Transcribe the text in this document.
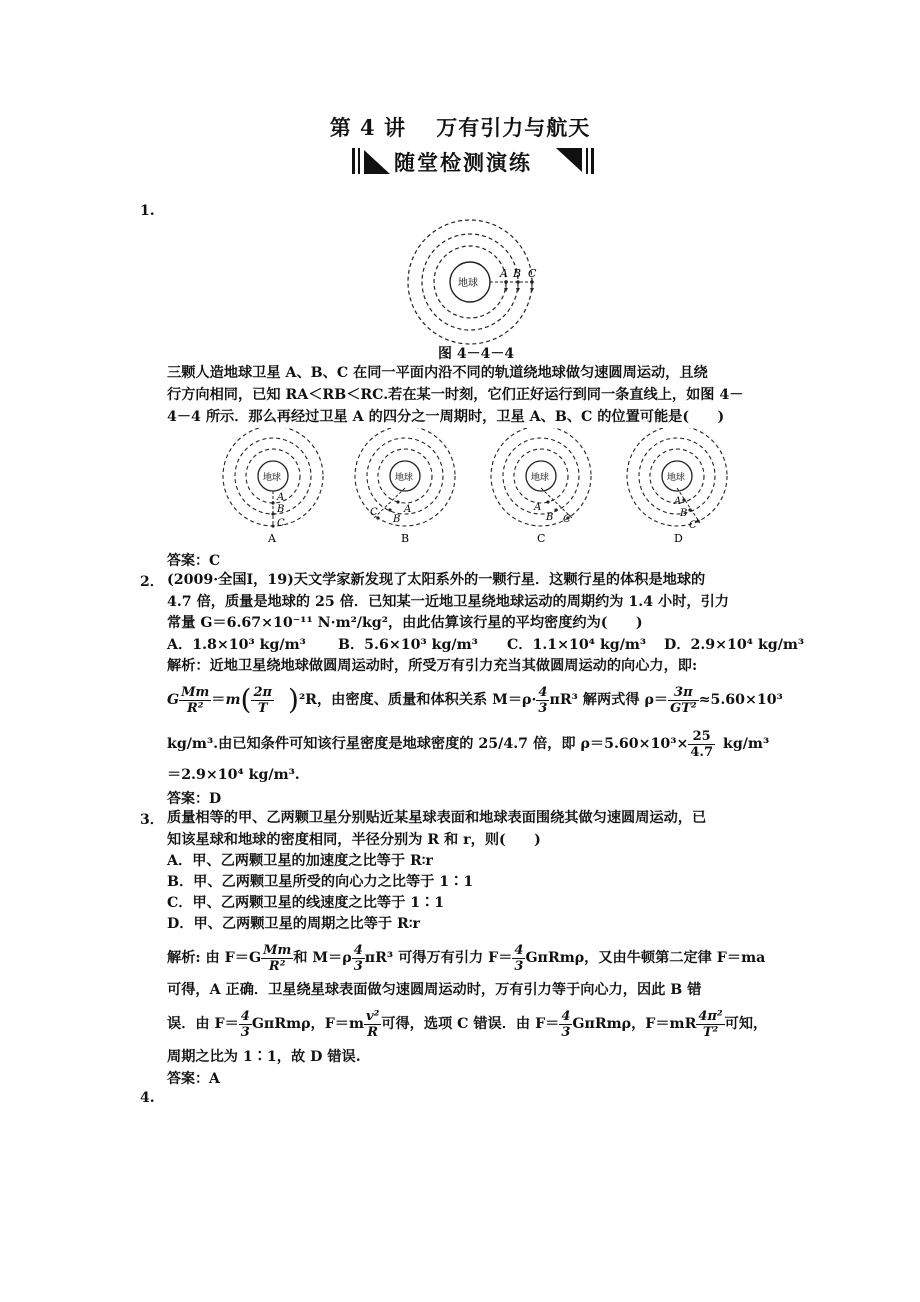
第 4 讲　 万有引力与航天
随堂检测演练
1.
地球
A B C
图 4－4－4
三颗人造地球卫星 A、B、C 在同一平面内沿不同的轨道绕地球做匀速圆周运动，且绕
行方向相同，已知 RA＜RB＜RC.若在某一时刻，它们正好运行到同一条直线上，如图 4－
4－4 所示．那么再经过卫星 A 的四分之一周期时，卫星 A、B、C 的位置可能是(　　)
地球
A
B
C
A
地球
A
B
C
B
地球
A
B C
C
地球
A
B
C
D
答案：C
2． (2009·全国Ⅰ，19)天文学家新发现了太阳系外的一颗行星．这颗行星的体积是地球的
4.7 倍，质量是地球的 25 倍．已知某一近地卫星绕地球运动的周期约为 1.4 小时，引力
常量 G＝6.67×10⁻¹¹ N·m²/kg²，由此估算该行星的平均密度约为(　　)
A．1.8×10³ kg/m³ B．5.6×10³ kg/m³ C．1.1×10⁴ kg/m³ D．2.9×10⁴ kg/m³
解析：近地卫星绕地球做圆周运动时，所受万有引力充当其做圆周运动的向心力，即:
G $\frac{Mm}{\text{R²}} =m$ ( $\frac{2\pi}{T}$ ) ²R，由密度、质量和体积关系 $M=\rho\cdot \frac{4}{3} \pi R^3$ 解两式得 $\rho= \frac{3\pi}{\text{GT²}} \approx 5.60\times 10^3$
kg/m³.由已知条件可知该行星密度是地球密度的 25/4.7 倍，即 $\rho=5.60\times 10^3\times \frac{25}{4.7} kg/m^3$
＝2.9×10⁴ kg/m³.
答案：D
3． 质量相等的甲、乙两颗卫星分别贴近某星球表面和地球表面围绕其做匀速圆周运动，已
知该星球和地球的密度相同，半径分别为 R 和 r，则(　　)
A．甲、乙两颗卫星的加速度之比等于 R∶r
B．甲、乙两颗卫星所受的向心力之比等于 1∶1
C．甲、乙两颗卫星的线速度之比等于 1∶1
D．甲、乙两颗卫星的周期之比等于 R∶r
解析: 由 $F=G \frac{Mm}{\text{R²}}$ 和 $M=\rho \frac{4}{3} \pi R^3$ 可得万有引力 $F= \frac{4}{3}$ GπRmρ，又由牛顿第二定律 F＝ma
可得，A 正确．卫星绕星球表面做匀速圆周运动时，万有引力等于向心力，因此 B 错
误．由 $F= \frac{4}{3}$ GπRmρ，$F=m \frac{\text{v²}}{R}$ 可得，选项 C 错误．由 $F= \frac{4}{3}$ GπRmρ，$F=mR \frac{\text{4π²}}{\text{T²}}$ 可知，
周期之比为 1∶1，故 D 错误.
答案：A
4.
